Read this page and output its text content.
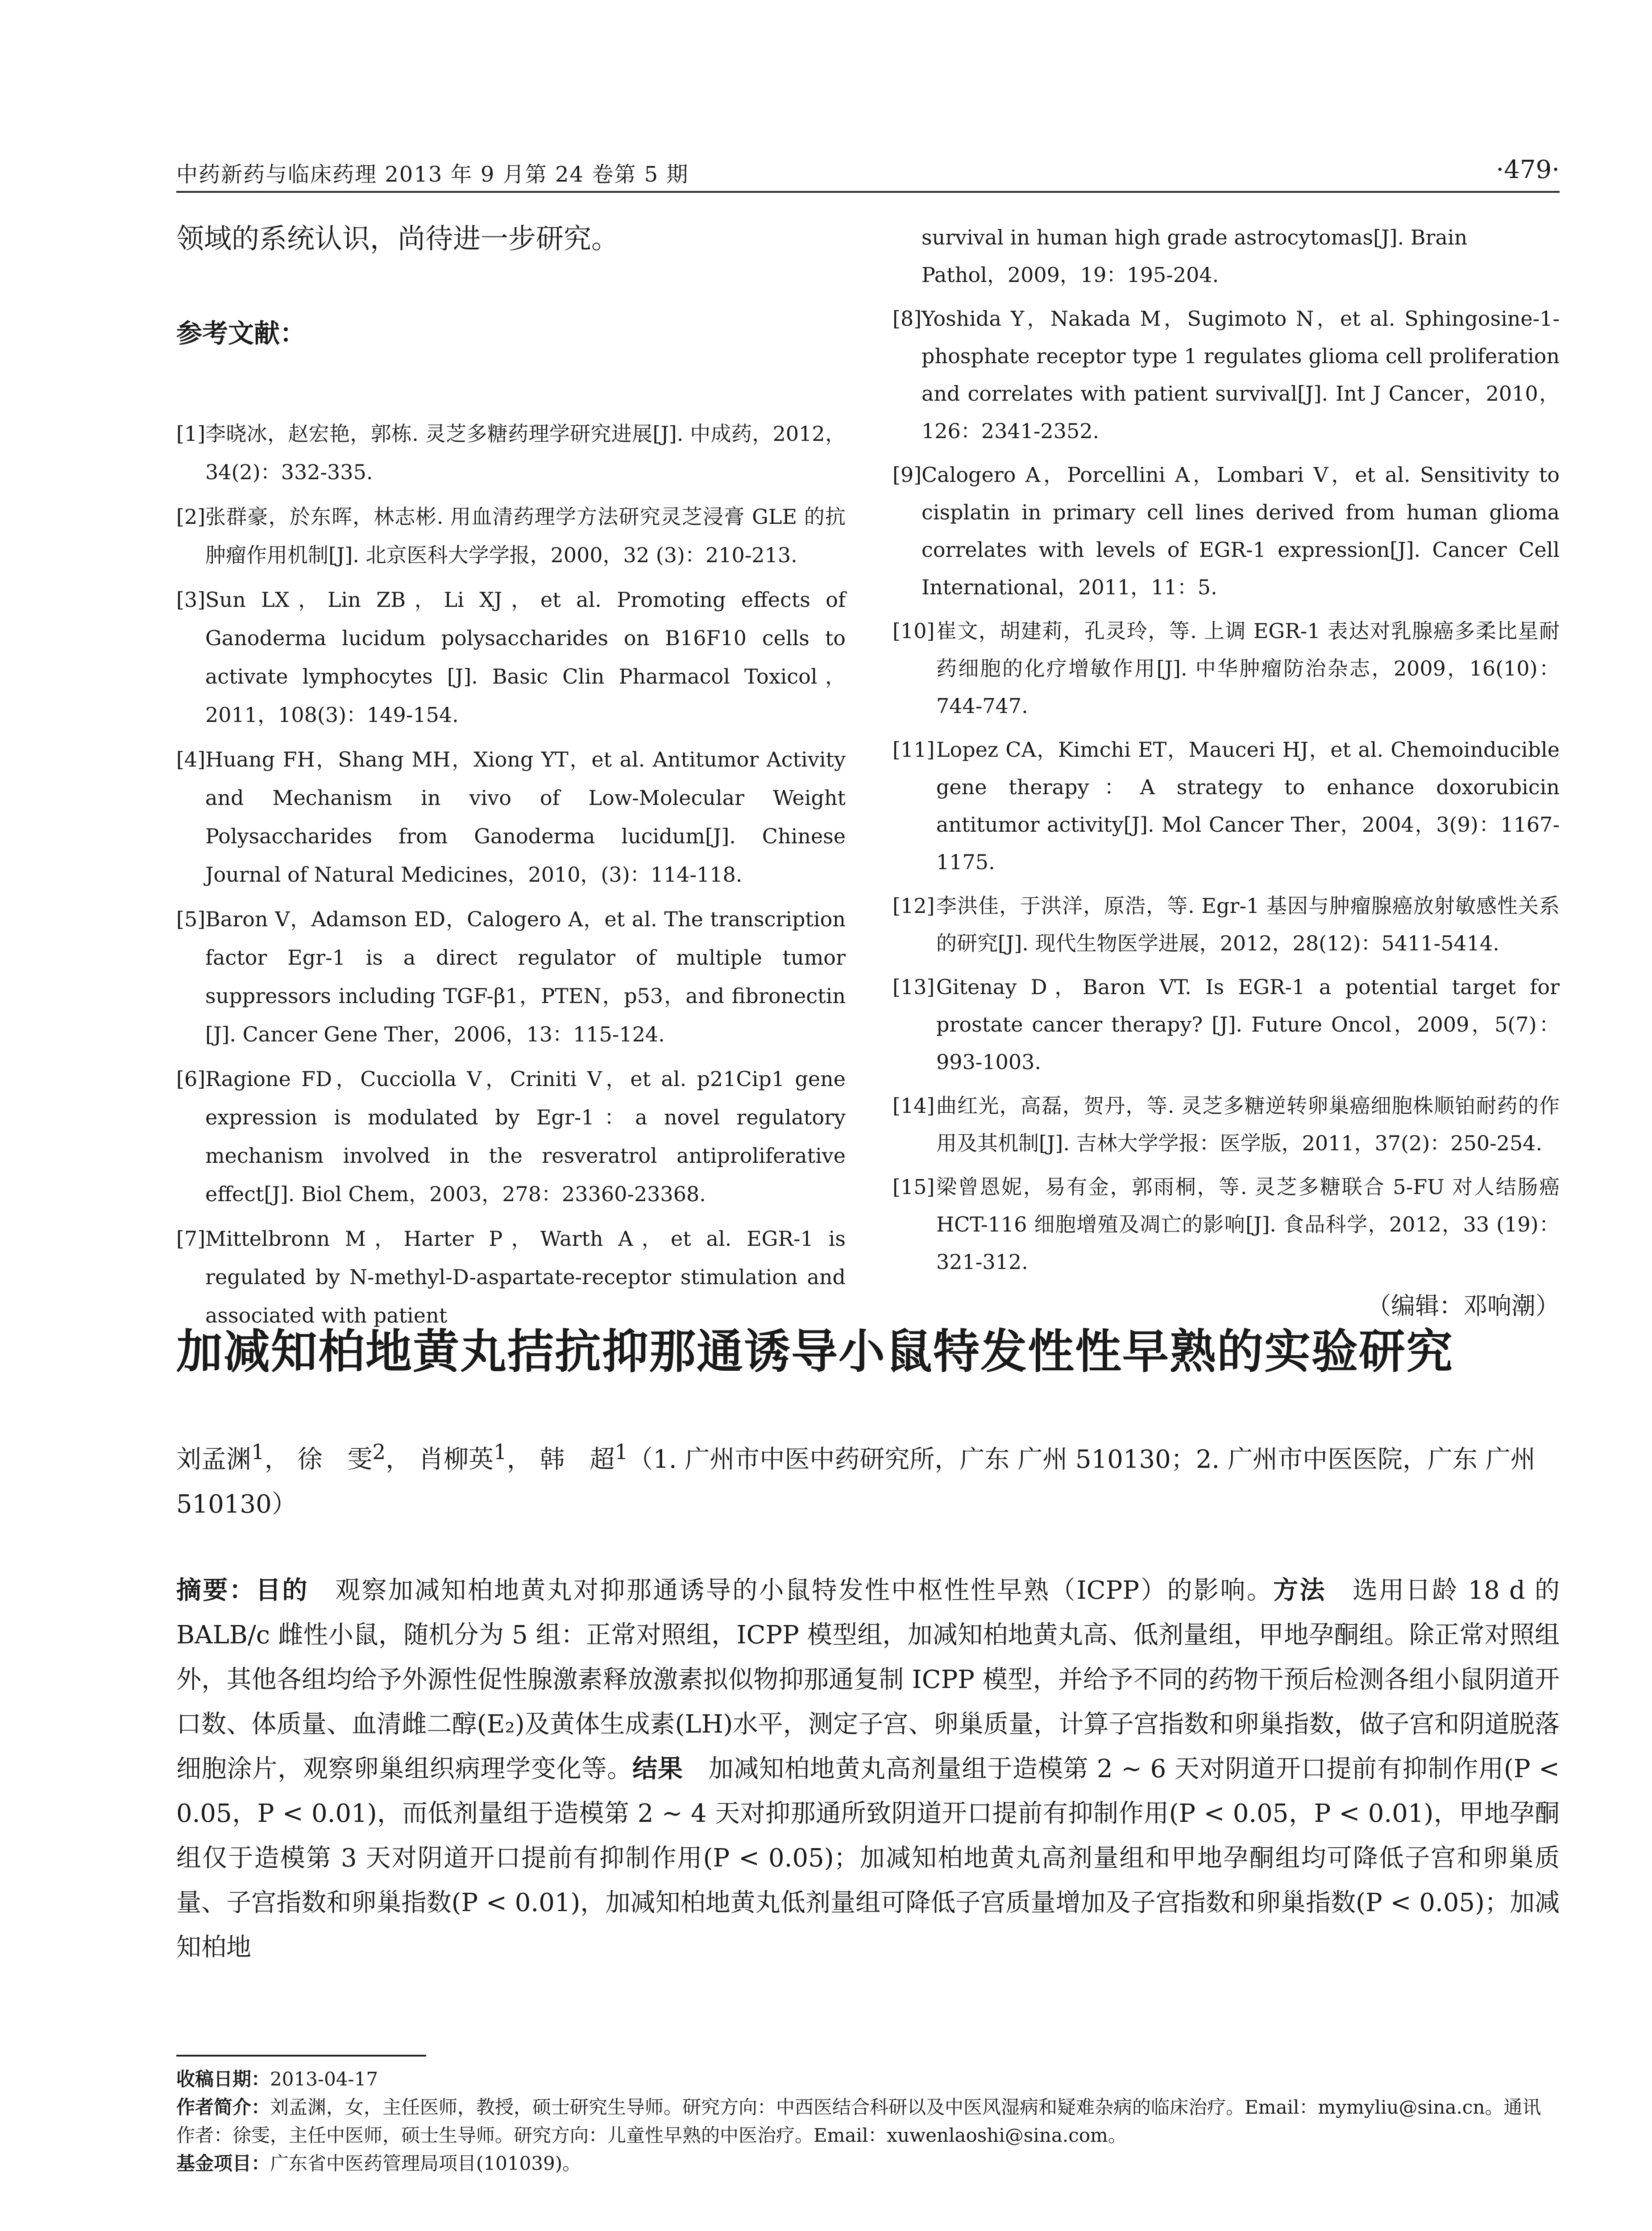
中药新药与临床药理 2013 年 9 月第 24 卷第 5 期	·479·

领域的系统认识，尚待进一步研究。

参考文献：
[1] 李晓冰，赵宏艳，郭栋. 灵芝多糖药理学研究进展[J]. 中成药，2012，34(2)：332-335.
[2] 张群豪，於东晖，林志彬. 用血清药理学方法研究灵芝浸膏 GLE 的抗肿瘤作用机制[J]. 北京医科大学学报，2000，32 (3)：210-213.
[3] Sun LX，Lin ZB，Li XJ，et al. Promoting effects of Ganoderma lucidum polysaccharides on B16F10 cells to activate lymphocytes [J]. Basic Clin Pharmacol Toxicol，2011，108(3)：149-154.
[4] Huang FH，Shang MH，Xiong YT，et al. Antitumor Activity and Mechanism in vivo of Low-Molecular Weight Polysaccharides from Ganoderma lucidum[J]. Chinese Journal of Natural Medicines，2010，(3)：114-118.
[5] Baron V，Adamson ED，Calogero A，et al. The transcription factor Egr-1 is a direct regulator of multiple tumor suppressors including TGF-β1，PTEN，p53，and fibronectin [J]. Cancer Gene Ther，2006，13：115-124.
[6] Ragione FD，Cucciolla V，Criniti V，et al. p21Cip1 gene expression is modulated by Egr-1：a novel regulatory mechanism involved in the resveratrol antiproliferative effect[J]. Biol Chem，2003，278：23360-23368.
[7] Mittelbronn M，Harter P，Warth A，et al. EGR-1 is regulated by N-methyl-D-aspartate-receptor stimulation and associated with patient
survival in human high grade astrocytomas[J]. Brain Pathol，2009，19：195-204.
[8] Yoshida Y，Nakada M，Sugimoto N，et al. Sphingosine-1-phosphate receptor type 1 regulates glioma cell proliferation and correlates with patient survival[J]. Int J Cancer，2010，126：2341-2352.
[9] Calogero A，Porcellini A，Lombari V，et al. Sensitivity to cisplatin in primary cell lines derived from human glioma correlates with levels of EGR-1 expression[J]. Cancer Cell International，2011，11：5.
[10] 崔文，胡建莉，孔灵玲，等. 上调 EGR-1 表达对乳腺癌多柔比星耐药细胞的化疗增敏作用[J]. 中华肿瘤防治杂志，2009，16(10)：744-747.
[11] Lopez CA，Kimchi ET，Mauceri HJ，et al. Chemoinducible gene therapy：A strategy to enhance doxorubicin antitumor activity[J]. Mol Cancer Ther，2004，3(9)：1167-1175.
[12] 李洪佳，于洪洋，原浩，等. Egr-1 基因与肿瘤腺癌放射敏感性关系的研究[J]. 现代生物医学进展，2012，28(12)：5411-5414.
[13] Gitenay D，Baron VT. Is EGR-1 a potential target for prostate cancer therapy? [J]. Future Oncol，2009，5(7)：993-1003.
[14] 曲红光，高磊，贺丹，等. 灵芝多糖逆转卵巢癌细胞株顺铂耐药的作用及其机制[J]. 吉林大学学报：医学版，2011，37(2)：250-254.
[15] 梁曾恩妮，易有金，郭雨桐，等. 灵芝多糖联合 5-FU 对人结肠癌 HCT-116 细胞增殖及凋亡的影响[J]. 食品科学，2012，33 (19)：321-312.
（编辑：邓响潮）
加减知柏地黄丸拮抗抑那通诱导小鼠特发性性早熟的实验研究
刘孟渊$^1$， 徐　雯$^2$， 肖柳英$^1$， 韩　超$^1$（1. 广州市中医中药研究所，广东 广州 510130；2. 广州市中医医院，广东 广州 510130）
摘要：目的　 观察加减知柏地黄丸对抑那通诱导的小鼠特发性中枢性性早熟（ICPP）的影响。方法　 选用日龄 18 d 的 BALB/c 雌性小鼠，随机分为 5 组：正常对照组，ICPP 模型组，加减知柏地黄丸高、低剂量组，甲地孕酮组。除正常对照组外，其他各组均给予外源性促性腺激素释放激素拟似物抑那通复制 ICPP 模型，并给予不同的药物干预后检测各组小鼠阴道开口数、体质量、血清雌二醇(E₂)及黄体生成素(LH)水平，测定子宫、卵巢质量，计算子宫指数和卵巢指数，做子宫和阴道脱落细胞涂片，观察卵巢组织病理学变化等。结果　 加减知柏地黄丸高剂量组于造模第 2 ~ 6 天对阴道开口提前有抑制作用(P < 0.05，P < 0.01)，而低剂量组于造模第 2 ~ 4 天对抑那通所致阴道开口提前有抑制作用(P < 0.05，P < 0.01)，甲地孕酮组仅于造模第 3 天对阴道开口提前有抑制作用(P < 0.05)；加减知柏地黄丸高剂量组和甲地孕酮组均可降低子宫和卵巢质量、子宫指数和卵巢指数(P < 0.01)，加减知柏地黄丸低剂量组可降低子宫质量增加及子宫指数和卵巢指数(P < 0.05)；加减知柏地
收稿日期：2013-04-17
作者简介：刘孟渊，女，主任医师，教授，硕士研究生导师。研究方向：中西医结合科研以及中医风湿病和疑难杂病的临床治疗。Email：mymyliu@sina.cn。通讯作者：徐雯，主任中医师，硕士生导师。研究方向：儿童性早熟的中医治疗。Email：xuwenlaoshi@sina.com。
基金项目：广东省中医药管理局项目(101039)。
